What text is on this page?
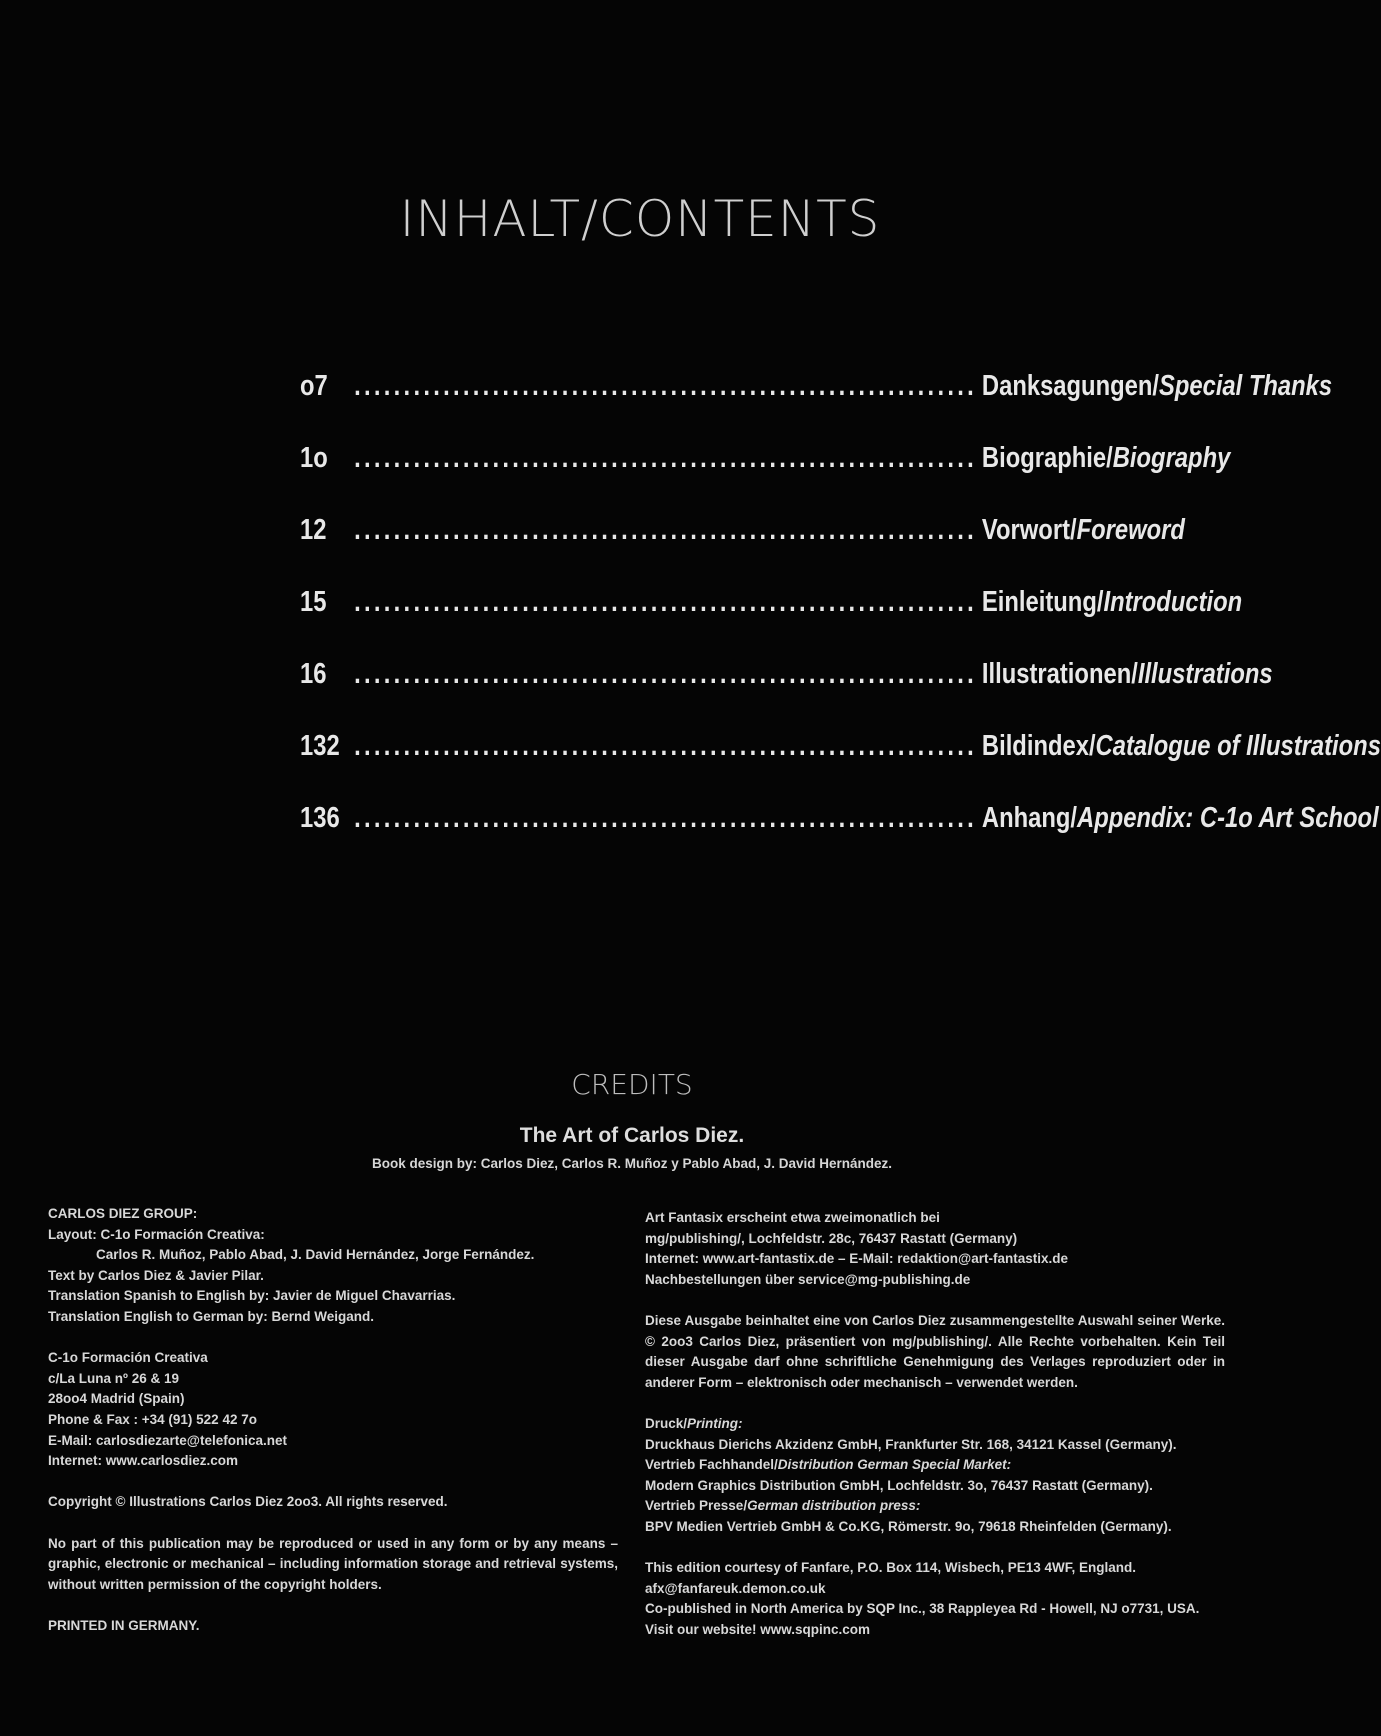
INHALT/CONTENTS
o7 ............................................................... Danksagungen/Special Thanks
1o ............................................................... Biographie/Biography
12 ............................................................... Vorwort/Foreword
15 ............................................................... Einleitung/Introduction
16 ............................................................... Illustrationen/Illustrations
132 ............................................................... Bildindex/Catalogue of Illustrations
136 ............................................................... Anhang/Appendix: C-1o Art School
CREDITS
The Art of Carlos Diez.
Book design by: Carlos Diez, Carlos R. Muñoz y Pablo Abad, J. David Hernández.

CARLOS DIEZ GROUP:

Layout: C-1o Formación Creativa:

Carlos R. Muñoz, Pablo Abad, J. David Hernández, Jorge Fernández.

Text by Carlos Diez & Javier Pilar.

Translation Spanish to English by: Javier de Miguel Chavarrias.

Translation English to German by: Bernd Weigand.

C-1o Formación Creativa

c/La Luna nº 26 & 19

28oo4 Madrid (Spain)

Phone & Fax : +34 (91) 522 42 7o

E-Mail: carlosdiezarte@telefonica.net

Internet: www.carlosdiez.com

Copyright © Illustrations Carlos Diez 2oo3. All rights reserved.

No part of this publication may be reproduced or used in any form or by any means – graphic, electronic or mechanical – including information storage and retrieval systems, without written permission of the copyright holders.

PRINTED IN GERMANY.

Art Fantasix erscheint etwa zweimonatlich bei

mg/publishing/, Lochfeldstr. 28c, 76437 Rastatt (Germany)

Internet: www.art-fantastix.de – E-Mail: redaktion@art-fantastix.de

Nachbestellungen über service@mg-publishing.de

Diese Ausgabe beinhaltet eine von Carlos Diez zusammengestellte Auswahl seiner Werke. © 2oo3 Carlos Diez, präsentiert von mg/publishing/. Alle Rechte vorbehalten. Kein Teil dieser Ausgabe darf ohne schriftliche Genehmigung des Verlages reproduziert oder in anderer Form – elektronisch oder mechanisch – verwendet werden.

Druck/Printing:

Druckhaus Dierichs Akzidenz GmbH, Frankfurter Str. 168, 34121 Kassel (Germany).

Vertrieb Fachhandel/Distribution German Special Market:

Modern Graphics Distribution GmbH, Lochfeldstr. 3o, 76437 Rastatt (Germany).

Vertrieb Presse/German distribution press:

BPV Medien Vertrieb GmbH & Co.KG, Römerstr. 9o, 79618 Rheinfelden (Germany).

This edition courtesy of Fanfare, P.O. Box 114, Wisbech, PE13 4WF, England.

afx@fanfareuk.demon.co.uk

Co-published in North America by SQP Inc., 38 Rappleyea Rd - Howell, NJ o7731, USA.

Visit our website! www.sqpinc.com
